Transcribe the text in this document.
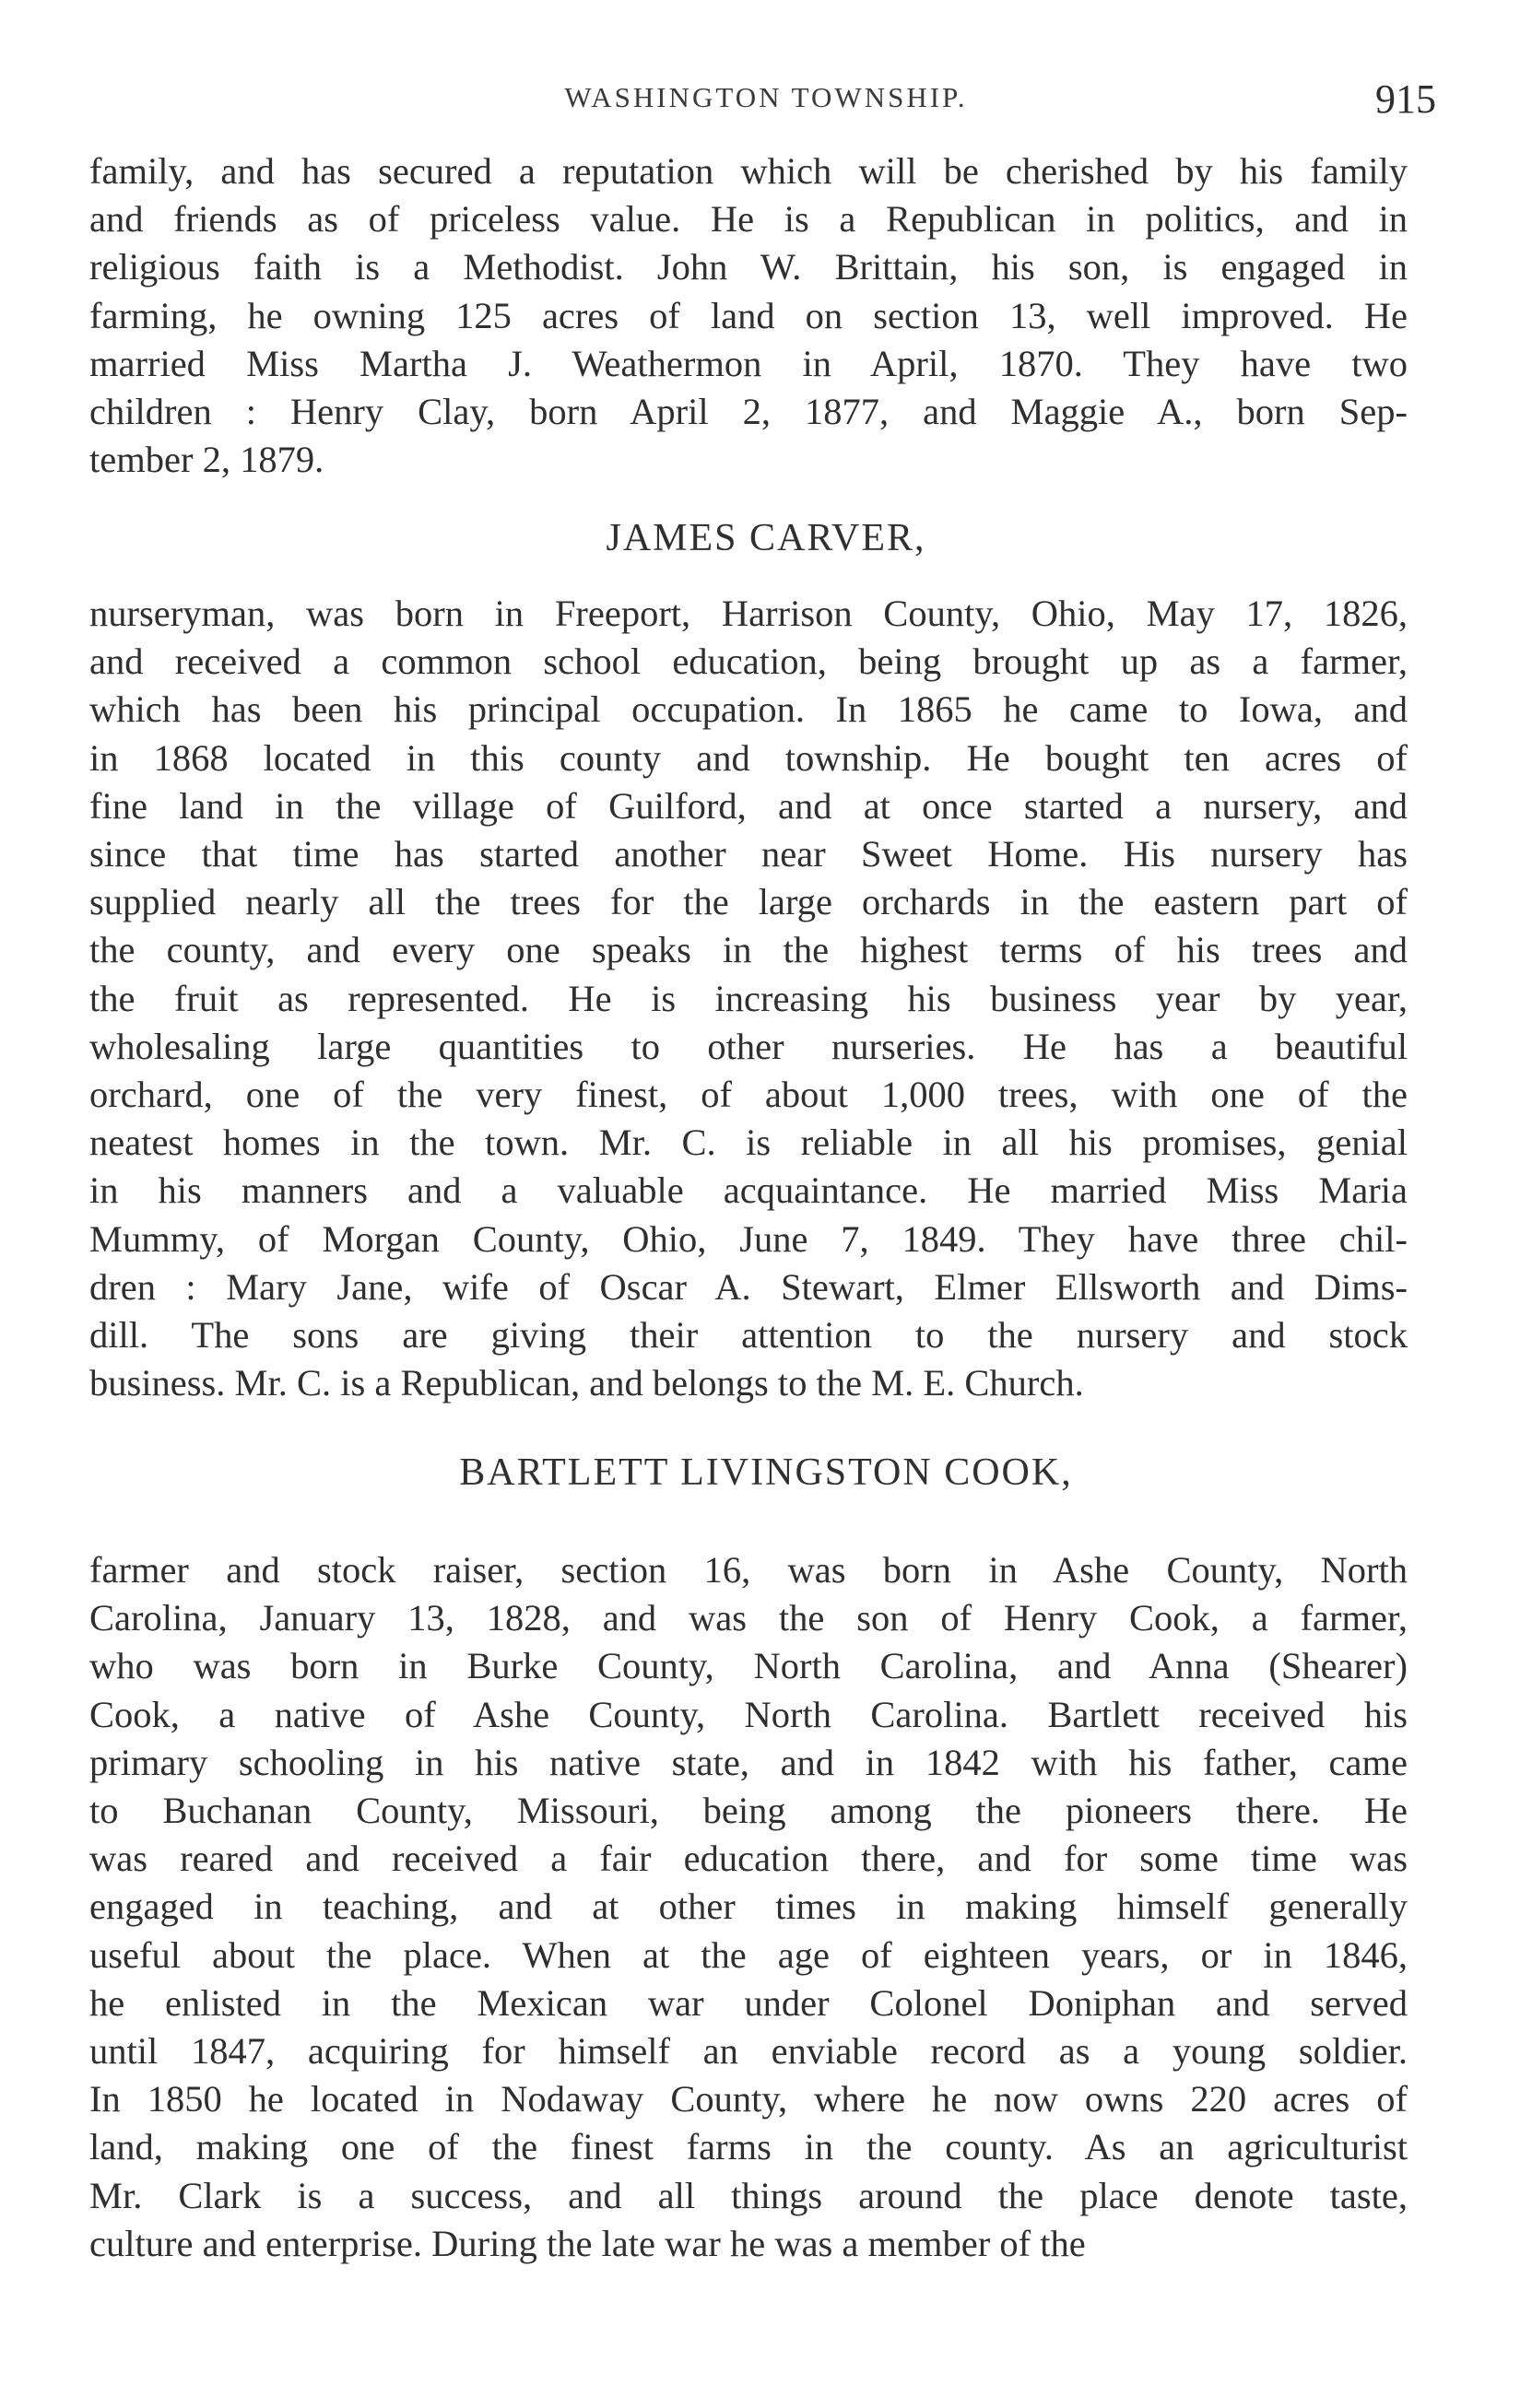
WASHINGTON TOWNSHIP.	915
family, and has secured a reputation which will be cherished by his family
and friends as of priceless value. He is a Republican in politics, and in
religious faith is a Methodist. John W. Brittain, his son, is engaged in
farming, he owning 125 acres of land on section 13, well improved. He
married Miss Martha J. Weathermon in April, 1870. They have two
children : Henry Clay, born April 2, 1877, and Maggie A., born Sep-
tember 2, 1879.
JAMES CARVER,
nurseryman, was born in Freeport, Harrison County, Ohio, May 17, 1826,
and received a common school education, being brought up as a farmer,
which has been his principal occupation. In 1865 he came to Iowa, and
in 1868 located in this county and township. He bought ten acres of
fine land in the village of Guilford, and at once started a nursery, and
since that time has started another near Sweet Home. His nursery has
supplied nearly all the trees for the large orchards in the eastern part of
the county, and every one speaks in the highest terms of his trees and
the fruit as represented. He is increasing his business year by year,
wholesaling large quantities to other nurseries. He has a beautiful
orchard, one of the very finest, of about 1,000 trees, with one of the
neatest homes in the town. Mr. C. is reliable in all his promises, genial
in his manners and a valuable acquaintance. He married Miss Maria
Mummy, of Morgan County, Ohio, June 7, 1849. They have three chil-
dren : Mary Jane, wife of Oscar A. Stewart, Elmer Ellsworth and Dims-
dill. The sons are giving their attention to the nursery and stock
business. Mr. C. is a Republican, and belongs to the M. E. Church.
BARTLETT LIVINGSTON COOK,
farmer and stock raiser, section 16, was born in Ashe County, North
Carolina, January 13, 1828, and was the son of Henry Cook, a farmer,
who was born in Burke County, North Carolina, and Anna (Shearer)
Cook, a native of Ashe County, North Carolina. Bartlett received his
primary schooling in his native state, and in 1842 with his father, came
to Buchanan County, Missouri, being among the pioneers there. He
was reared and received a fair education there, and for some time was
engaged in teaching, and at other times in making himself generally
useful about the place. When at the age of eighteen years, or in 1846,
he enlisted in the Mexican war under Colonel Doniphan and served
until 1847, acquiring for himself an enviable record as a young soldier.
In 1850 he located in Nodaway County, where he now owns 220 acres of
land, making one of the finest farms in the county. As an agriculturist
Mr. Clark is a success, and all things around the place denote taste,
culture and enterprise. During the late war he was a member of the
